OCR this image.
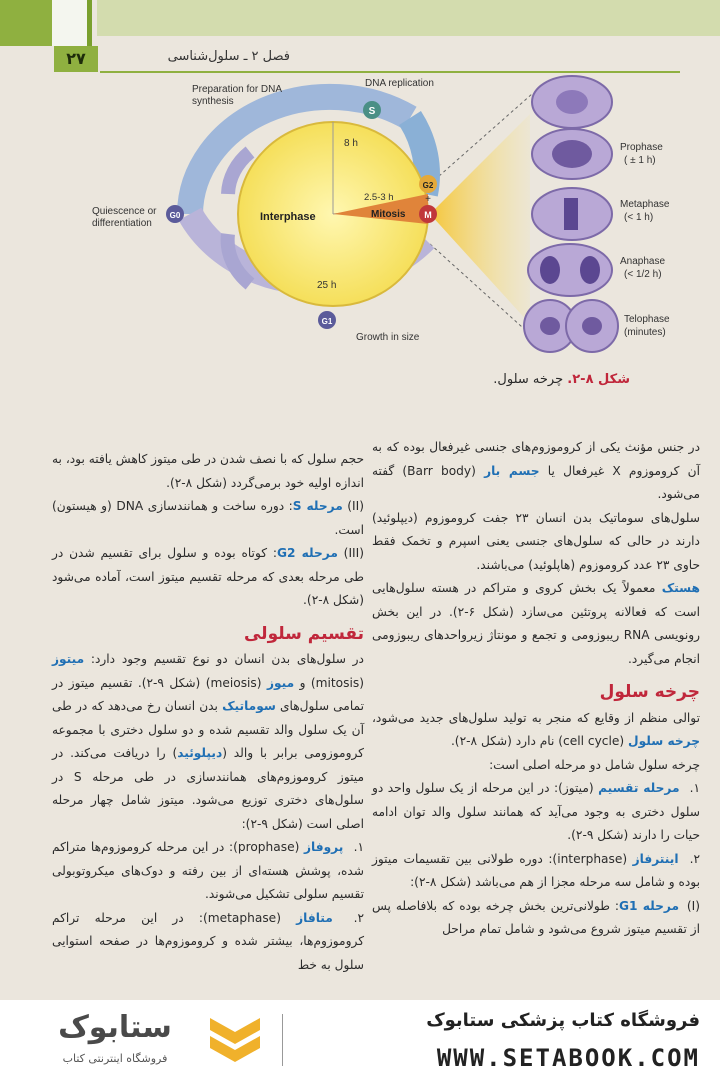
۲۷	فصل ۲ ـ سلول‌شناسی
S
G2
+
M
G0
G1
Preparation for DNA
synthesis
DNA replication
8 h
Interphase
2.5-3 h
Mitosis
25 h
Quiescence or
differentiation
Growth in size
Prophase
( ± 1 h)
Metaphase
(< 1 h)
Anaphase
(< 1/2 h)
Telophase
(minutes)
شکل ۸-۲. چرخه سلول.

در جنس مؤنث یکی از کروموزوم‌های جنسی غیرفعال بوده که به آن کروموزوم X غیرفعال یا جسم بار (Barr body) گفته می‌شود.

سلول‌های سوماتیک بدن انسان ۲۳ جفت کروموزوم (دیپلوئید) دارند در حالی که سلول‌های جنسی یعنی اسپرم و تخمک فقط حاوی ۲۳ عدد کروموزوم (هاپلوئید) می‌باشند.

هستک معمولاً یک بخش کروی و متراکم در هسته سلول‌هایی است که فعالانه پروتئین می‌سازد (شکل ۶-۲). در این بخش رونویسی RNA ریبوزومی و تجمع و مونتاژ زیرواحدهای ریبوزومی انجام می‌گیرد.

چرخه سلول

توالی منظم از وقایع که منجر به تولید سلول‌های جدید می‌شود، چرخه سلول (cell cycle) نام دارد (شکل ۸-۲).

چرخه سلول شامل دو مرحله اصلی است:

۱. مرحله تقسیم (میتوز): در این مرحله از یک سلول واحد دو سلول دختری به وجود می‌آید که همانند سلول والد توان ادامه حیات را دارند (شکل ۹-۲).

۲. اینترفاز (interphase): دوره طولانی بین تقسیمات میتوز بوده و شامل سه مرحله مجزا از هم می‌باشد (شکل ۸-۲):

(I) مرحله G1: طولانی‌ترین بخش چرخه بوده که بلافاصله پس از تقسیم میتوز شروع می‌شود و شامل تمام مراحل

حجم سلول که با نصف شدن در طی میتوز کاهش یافته بود، به اندازه اولیه خود برمی‌گردد (شکل ۸-۲).

(II) مرحله S: دوره ساخت و همانندسازی DNA (و هیستون) است.

(III) مرحله G2: کوتاه بوده و سلول برای تقسیم شدن در طی مرحله بعدی که مرحله تقسیم میتوز است، آماده می‌شود (شکل ۸-۲).

تقسیم سلولی

در سلول‌های بدن انسان دو نوع تقسیم وجود دارد: میتوز (mitosis) و میوز (meiosis) (شکل ۹-۲). تقسیم میتوز در تمامی سلول‌های سوماتیک بدن انسان رخ می‌دهد که در طی آن یک سلول والد تقسیم شده و دو سلول دختری با مجموعه کروموزومی برابر با والد (دیپلوئید) را دریافت می‌کند. در میتوز کروموزوم‌های همانندسازی در طی مرحله S در سلول‌های دختری توزیع می‌شود. میتوز شامل چهار مرحله اصلی است (شکل ۹-۲):

۱. پروفاز (prophase): در این مرحله کروموزوم‌ها متراکم شده، پوشش هسته‌ای از بین رفته و دوک‌های میکروتوبولی تقسیم سلولی تشکیل می‌شوند.

۲. متافاز (metaphase): در این مرحله تراکم کروموزوم‌ها، بیشتر شده و کروموزوم‌ها در صفحه استوایی سلول به خط

ستابوک
فروشگاه اینترنتی کتاب
فروشگاه کتاب پزشکی ستابوک
WWW.SETABOOK.COM
